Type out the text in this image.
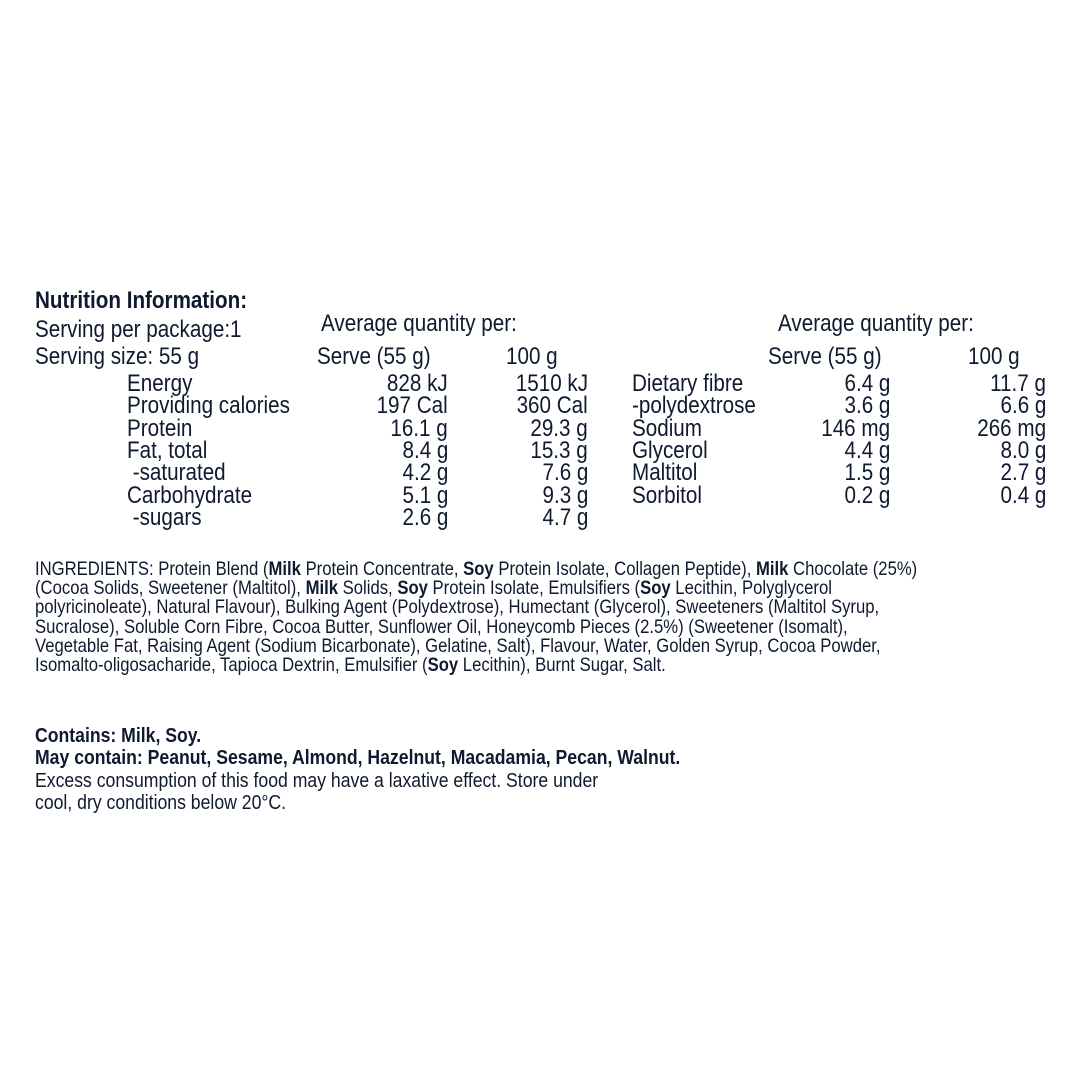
Nutrition Information:
Serving per package:1
Serving size: 55 g
Average quantity per:
Serve (55 g)	100 g
Average quantity per:
Serve (55 g)	100 g
Energy	828 kJ	1510 kJ
Providing calories	197 Cal	360 Cal
Protein	16.1 g	29.3 g
Fat, total	8.4 g	15.3 g
-saturated	4.2 g	7.6 g
Carbohydrate	5.1 g	9.3 g
-sugars	2.6 g	4.7 g
Dietary fibre	6.4 g	11.7 g
-polydextrose	3.6 g	6.6 g
Sodium	146 mg	266 mg
Glycerol	4.4 g	8.0 g
Maltitol	1.5 g	2.7 g
Sorbitol	0.2 g	0.4 g
INGREDIENTS: Protein Blend (Milk Protein Concentrate, Soy Protein Isolate, Collagen Peptide), Milk Chocolate (25%)
(Cocoa Solids, Sweetener (Maltitol), Milk Solids, Soy Protein Isolate, Emulsifiers (Soy Lecithin, Polyglycerol
polyricinoleate), Natural Flavour), Bulking Agent (Polydextrose), Humectant (Glycerol), Sweeteners (Maltitol Syrup,
Sucralose), Soluble Corn Fibre, Cocoa Butter, Sunflower Oil, Honeycomb Pieces (2.5%) (Sweetener (Isomalt),
Vegetable Fat, Raising Agent (Sodium Bicarbonate), Gelatine, Salt), Flavour, Water, Golden Syrup, Cocoa Powder,
Isomalto-oligosacharide, Tapioca Dextrin, Emulsifier (Soy Lecithin), Burnt Sugar, Salt.
Contains: Milk, Soy.
May contain: Peanut, Sesame, Almond, Hazelnut, Macadamia, Pecan, Walnut.
Excess consumption of this food may have a laxative effect. Store under
cool, dry conditions below 20°C.
